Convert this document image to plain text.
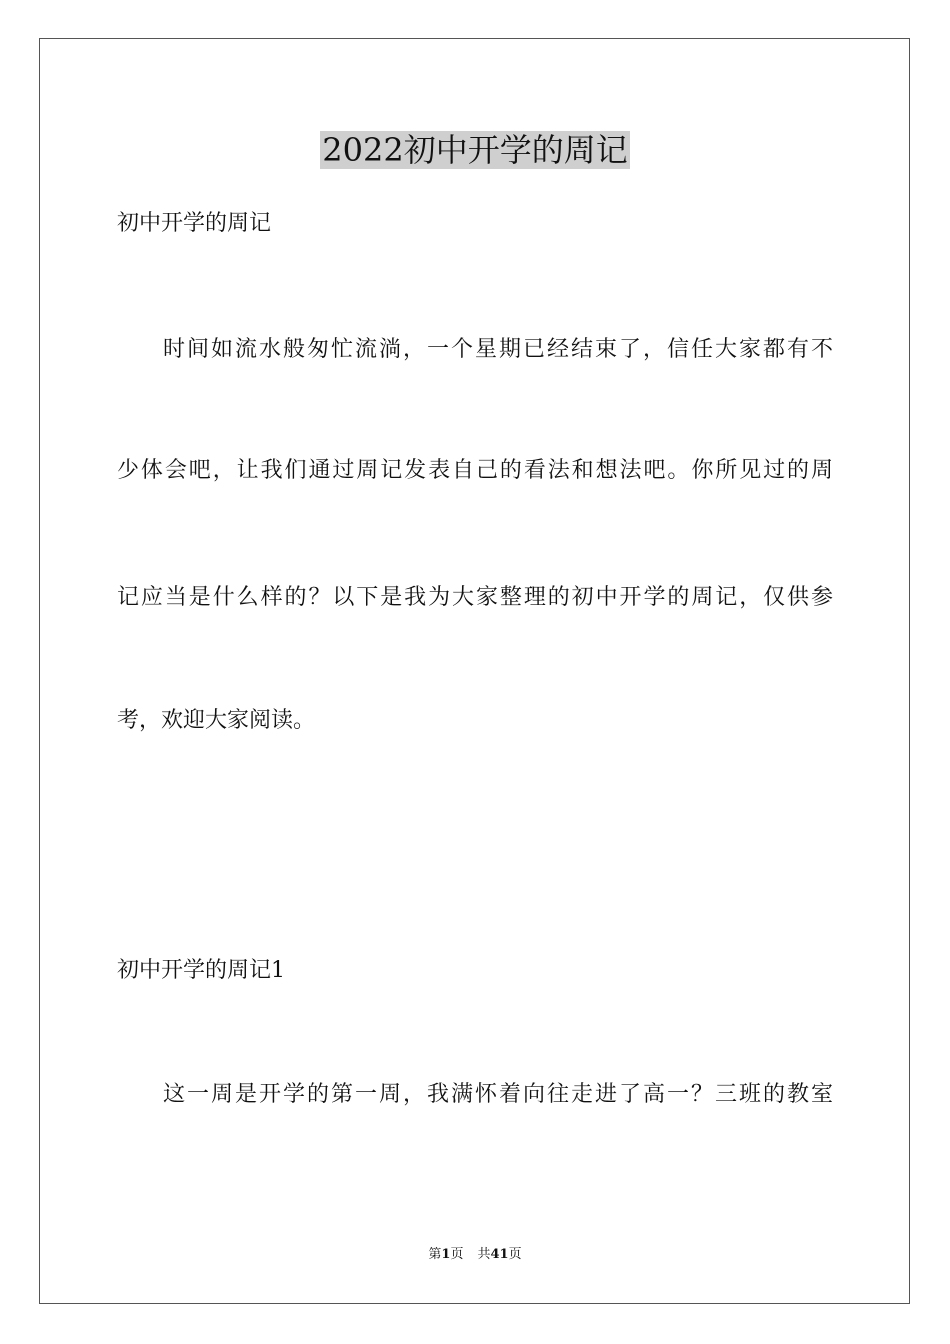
2022初中开学的周记

初中开学的周记

时间如流水般匆忙流淌，一个星期已经结束了，信任大家都有不

少体会吧，让我们通过周记发表自己的看法和想法吧。你所见过的周

记应当是什么样的？以下是我为大家整理的初中开学的周记，仅供参

考，欢迎大家阅读。

初中开学的周记1

这一周是开学的第一周，我满怀着向往走进了高一？三班的教室

第1页 共41页
